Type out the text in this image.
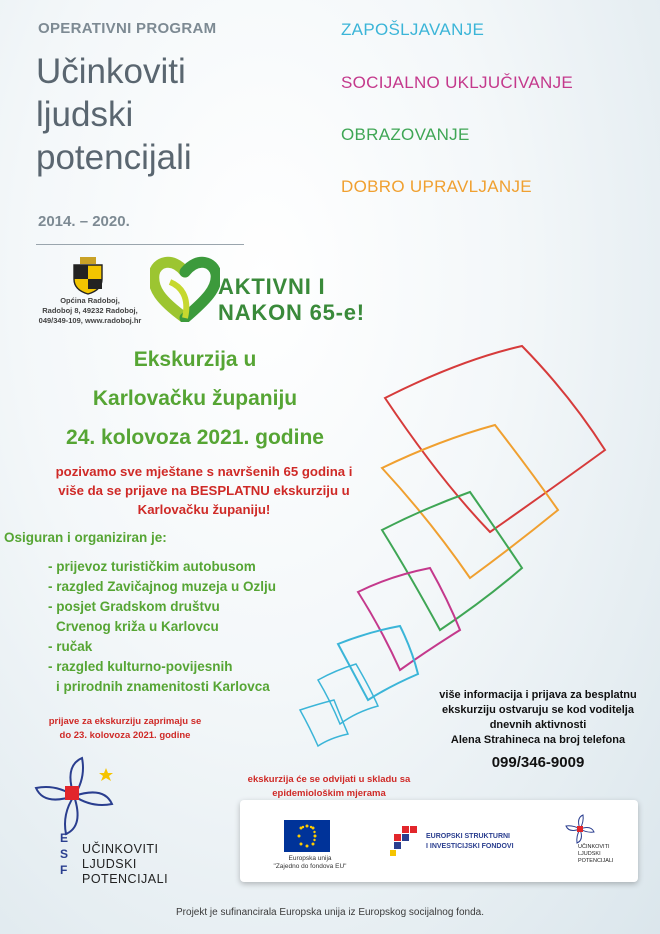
OPERATIVNI PROGRAM
Učinkoviti
ljudski
potencijali
2014. – 2020.
ZAPOŠLJAVANJE
SOCIJALNO UKLJUČIVANJE
OBRAZOVANJE
DOBRO UPRAVLJANJE
Općina Radoboj,
Radoboj 8, 49232 Radoboj,
049/349-109, www.radoboj.hr
AKTIVNI I
NAKON 65-e!
Ekskurzija u
Karlovačku županiju
24. kolovoza 2021. godine
pozivamo sve mještane s navršenih 65 godina i
više da se prijave na BESPLATNU ekskurziju u
Karlovačku županiju!
Osiguran i organiziran je:
- prijevoz turističkim autobusom
- razgled Zavičajnog muzeja u Ozlju
- posjet Gradskom društvu
Crvenog križa u Karlovcu
- ručak
- razgled kulturno-povijesnih
i prirodnih znamenitosti Karlovca
prijave za ekskurziju zaprimaju se
do 23. kolovoza 2021. godine
više informacija i prijava za besplatnu
ekskurziju ostvaruju se kod voditelja
dnevnih aktivnosti
Alena Strahineca na broj telefona
099/346-9009
ekskurzija će se odvijati u skladu sa
epidemiološkim mjerama
E
S
F
UČINKOVITI
LJUDSKI
POTENCIJALI
Europska unija
"Zajedno do fondova EU"
EUROPSKI STRUKTURNI
I INVESTICIJSKI FONDOVI	UČINKOVITI
LJUDSKI
POTENCIJALI
Projekt je sufinancirala Europska unija iz Europskog socijalnog fonda.
